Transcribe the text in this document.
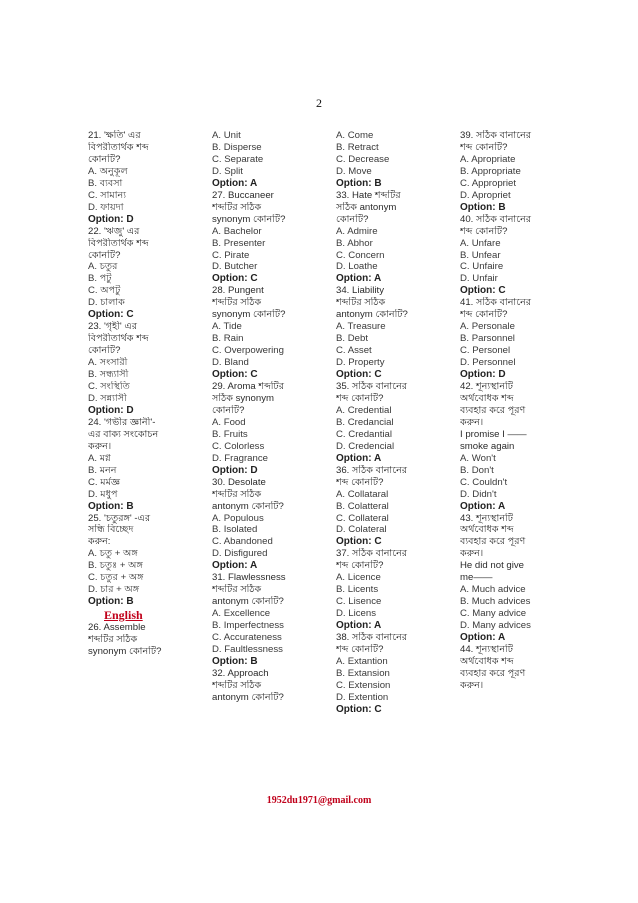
2
21. 'ক্ষতি' এর
বিপরীতার্থক শব্দ
কোনটি?
A. অনুকূল
B. ব্যবসা
C. সামান্য
D. ফায়দা
Option: D
22. 'ঋজু' এর
বিপরীতার্থক শব্দ
কোনটি?
A. চতুর
B. পটু
C. অপটু
D. চালাক
Option: C
23. 'গৃহী' এর
বিপরীতার্থক শব্দ
কোনটি?
A. সংসারী
B. সন্ধ্যাসী
C. সংস্থিতি
D. সন্ন্যাসী
Option: D
24. 'গভীর জ্ঞানী'-
এর বাক্য সংকোচন
করুন।
A. মগ্ন
B. মনন
C. মর্মজ্ঞ
D. মধুপ
Option: B
25. 'চতুরঙ্গ' -এর
সন্ধি বিচ্ছেদ
করুন:
A. চতু + অঙ্গ
B. চতুঃ + অঙ্গ
C. চতুর + অঙ্গ
D. চার + অঙ্গ
Option: B
English
26. Assemble
শব্দটির সঠিক
synonym কোনটি?
A. Unit
B. Disperse
C. Separate
D. Split
Option: A
27. Buccaneer
শব্দটির সঠিক
synonym কোনটি?
A. Bachelor
B. Presenter
C. Pirate
D. Butcher
Option: C
28. Pungent
শব্দটির সঠিক
synonym কোনটি?
A. Tide
B. Rain
C. Overpowering
D. Bland
Option: C
29. Aroma শব্দটির
সঠিক synonym
কোনটি?
A. Food
B. Fruits
C. Colorless
D. Fragrance
Option: D
30. Desolate
শব্দটির সঠিক
antonym কোনটি?
A. Populous
B. Isolated
C. Abandoned
D. Disfigured
Option: A
31. Flawlessness
শব্দটির সঠিক
antonym কোনটি?
A. Excellence
B. Imperfectness
C. Accurateness
D. Faultlessness
Option: B
32. Approach
শব্দটির সঠিক
antonym কোনটি?
A. Come
B. Retract
C. Decrease
D. Move
Option: B
33. Hate শব্দটির
সঠিক antonym
কোনটি?
A. Admire
B. Abhor
C. Concern
D. Loathe
Option: A
34. Liability
শব্দটির সঠিক
antonym কোনটি?
A. Treasure
B. Debt
C. Asset
D. Property
Option: C
35. সঠিক বানানের
শব্দ কোনটি?
A. Credential
B. Credancial
C. Credantial
D. Credencial
Option: A
36. সঠিক বানানের
শব্দ কোনটি?
A. Collataral
B. Colatteral
C. Collateral
D. Colateral
Option: C
37. সঠিক বানানের
শব্দ কোনটি?
A. Licence
B. Licents
C. Lisence
D. Licens
Option: A
38. সঠিক বানানের
শব্দ কোনটি?
A. Extantion
B. Extansion
C. Extension
D. Extention
Option: C
39. সঠিক বানানের
শব্দ কোনটি?
A. Apropriate
B. Appropriate
C. Appropriet
D. Apropriet
Option: B
40. সঠিক বানানের
শব্দ কোনটি?
A. Unfare
B. Unfear
C. Unfaire
D. Unfair
Option: C
41. সঠিক বানানের
শব্দ কোনটি?
A. Personale
B. Parsonnel
C. Personel
D. Personnel
Option: D
42. শূন্যস্থানটি
অর্থবোধক শব্দ
ব্যবহার করে পূরণ
করুন।
I promise I ——
smoke again
A. Won't
B. Don't
C. Couldn't
D. Didn't
Option: A
43. শূন্যস্থানটি
অর্থবোধক শব্দ
ব্যবহার করে পূরণ
করুন।
He did not give
me——
A. Much advice
B. Much advices
C. Many advice
D. Many advices
Option: A
44. শূন্যস্থানটি
অর্থবোধক শব্দ
ব্যবহার করে পূরণ
করুন।
1952du1971@gmail.com
